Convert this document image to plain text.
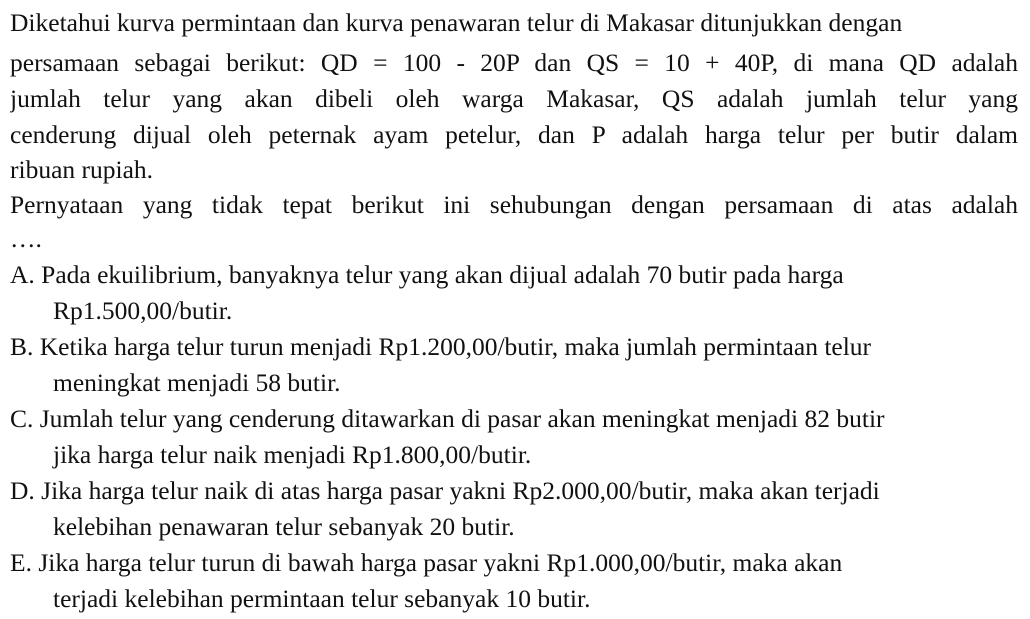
Diketahui kurva permintaan dan kurva penawaran telur di Makasar ditunjukkan dengan
persamaan sebagai berikut: QD = 100 - 20P dan QS = 10 + 40P, di mana QD adalah
jumlah telur yang akan dibeli oleh warga Makasar, QS adalah jumlah telur yang
cenderung dijual oleh peternak ayam petelur, dan P adalah harga telur per butir dalam
ribuan rupiah.
Pernyataan yang tidak tepat berikut ini sehubungan dengan persamaan di atas adalah
….
A. Pada ekuilibrium, banyaknya telur yang akan dijual adalah 70 butir pada harga
Rp1.500,00/butir.
B. Ketika harga telur turun menjadi Rp1.200,00/butir, maka jumlah permintaan telur
meningkat menjadi 58 butir.
C. Jumlah telur yang cenderung ditawarkan di pasar akan meningkat menjadi 82 butir
jika harga telur naik menjadi Rp1.800,00/butir.
D. Jika harga telur naik di atas harga pasar yakni Rp2.000,00/butir, maka akan terjadi
kelebihan penawaran telur sebanyak 20 butir.
E. Jika harga telur turun di bawah harga pasar yakni Rp1.000,00/butir, maka akan
terjadi kelebihan permintaan telur sebanyak 10 butir.
